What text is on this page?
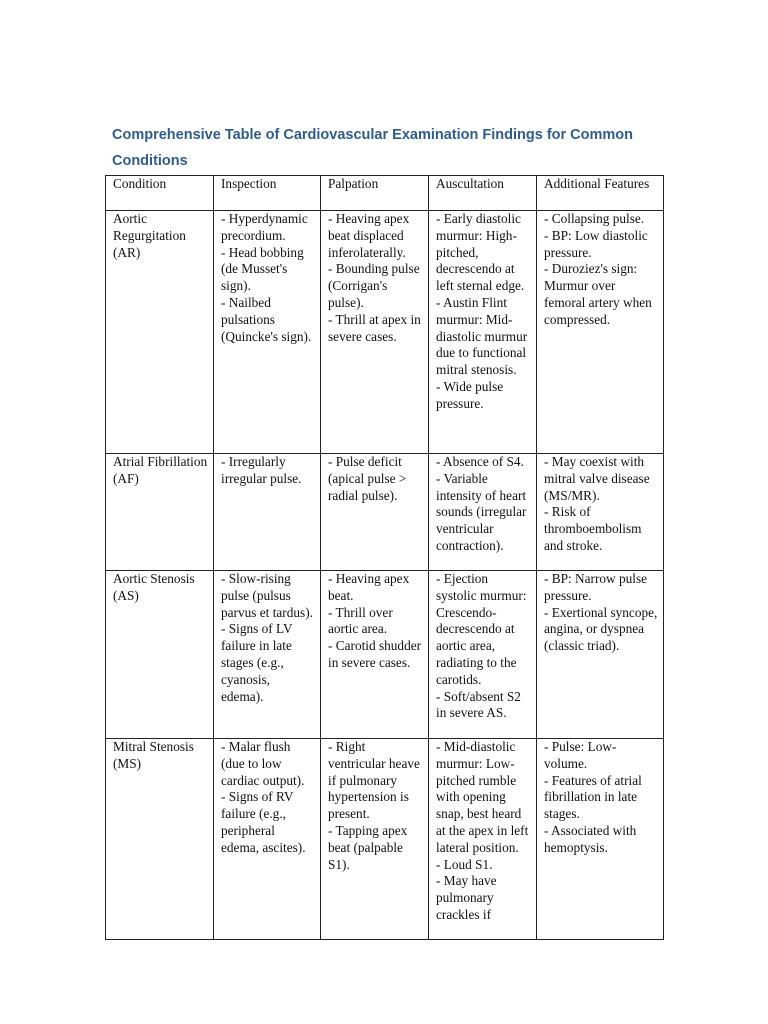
Comprehensive Table of Cardiovascular Examination Findings for Common Conditions
Condition	Inspection	Palpation	Auscultation	Additional Features

Aortic Regurgitation (AR)	- Hyperdynamic precordium.
- Head bobbing (de Musset's sign).
- Nailbed pulsations (Quincke's sign).	- Heaving apex beat displaced inferolaterally.
- Bounding pulse (Corrigan's pulse).
- Thrill at apex in severe cases.	- Early diastolic murmur: High-pitched, decrescendo at left sternal edge.
- Austin Flint murmur: Mid-diastolic murmur due to functional mitral stenosis.
- Wide pulse pressure.	- Collapsing pulse.
- BP: Low diastolic pressure.
- Duroziez's sign: Murmur over femoral artery when compressed.

Atrial Fibrillation (AF)	- Irregularly irregular pulse.	- Pulse deficit (apical pulse > radial pulse).	- Absence of S4.
- Variable intensity of heart sounds (irregular ventricular contraction).	- May coexist with mitral valve disease (MS/MR).
- Risk of thromboembolism and stroke.

Aortic Stenosis (AS)	- Slow-rising pulse (pulsus parvus et tardus).
- Signs of LV failure in late stages (e.g., cyanosis, edema).	- Heaving apex beat.
- Thrill over aortic area.
- Carotid shudder in severe cases.	- Ejection systolic murmur: Crescendo-decrescendo at aortic area, radiating to the carotids.
- Soft/absent S2 in severe AS.	- BP: Narrow pulse pressure.
- Exertional syncope, angina, or dyspnea (classic triad).

Mitral Stenosis (MS)	- Malar flush (due to low cardiac output).
- Signs of RV failure (e.g., peripheral edema, ascites).	- Right ventricular heave if pulmonary hypertension is present.
- Tapping apex beat (palpable S1).	- Mid-diastolic murmur: Low-pitched rumble with opening snap, best heard at the apex in left lateral position.
- Loud S1.
- May have pulmonary crackles if	- Pulse: Low-volume.
- Features of atrial fibrillation in late stages.
- Associated with hemoptysis.
